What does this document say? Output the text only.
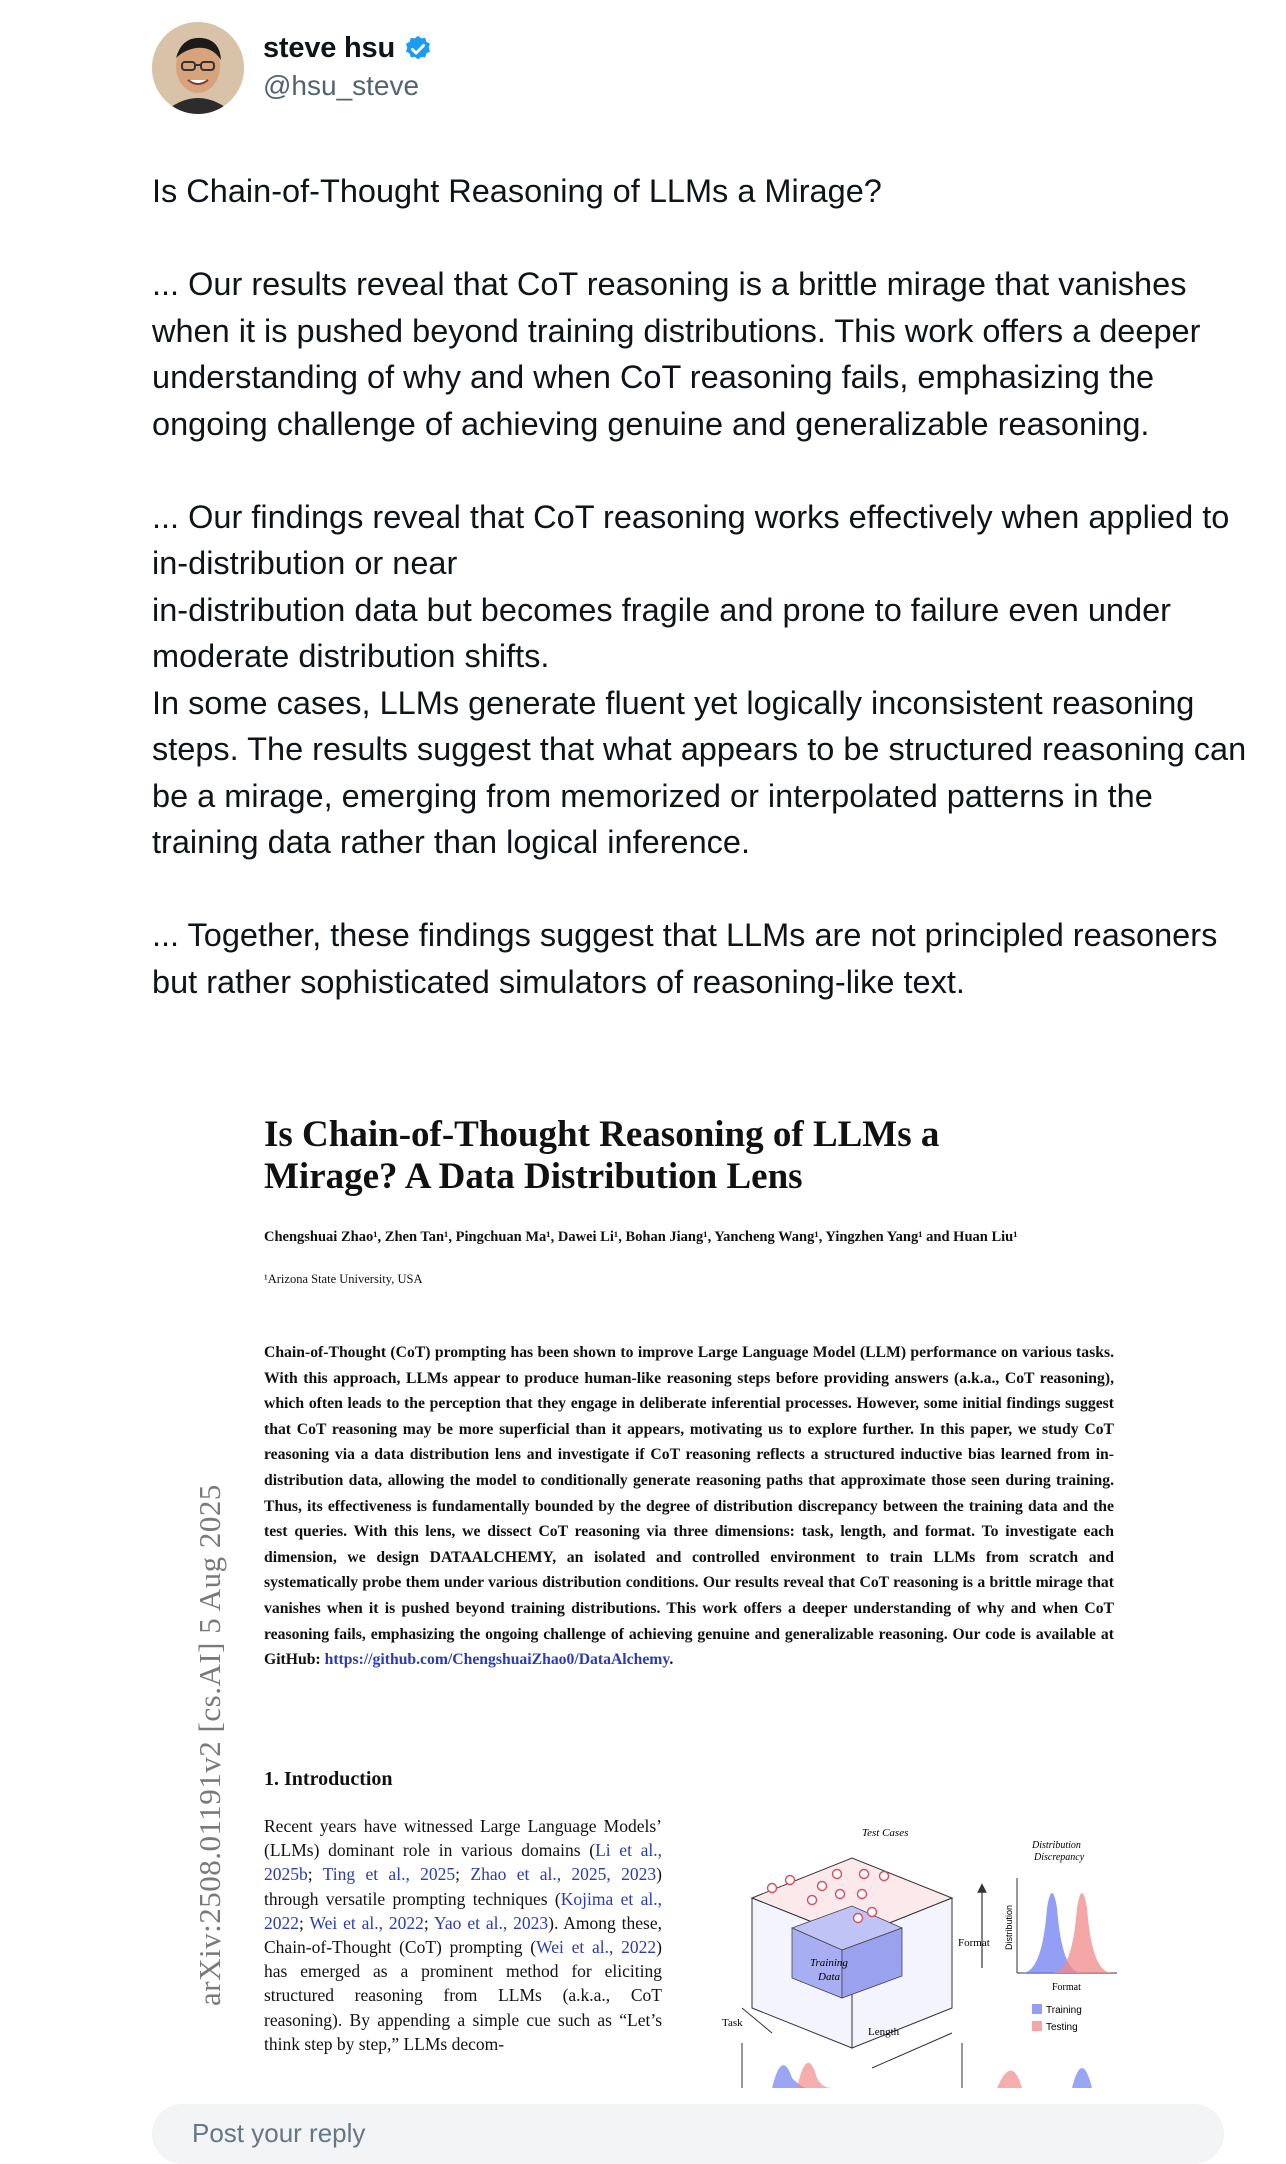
steve hsu
@hsu_steve

Is Chain-of-Thought Reasoning of LLMs a Mirage?

... Our results reveal that CoT reasoning is a brittle mirage that vanishes when it is pushed beyond training distributions. This work offers a deeper understanding of why and when CoT reasoning fails, emphasizing the ongoing challenge of achieving genuine and generalizable reasoning.

... Our findings reveal that CoT reasoning works effectively when applied to in-distribution or near

in-distribution data but becomes fragile and prone to failure even under moderate distribution shifts.

In some cases, LLMs generate fluent yet logically inconsistent reasoning steps. The results suggest that what appears to be structured reasoning can be a mirage, emerging from memorized or interpolated patterns in the training data rather than logical inference.

... Together, these findings suggest that LLMs are not principled reasoners but rather sophisticated simulators of reasoning-like text.

arXiv:2508.01191v2 [cs.AI] 5 Aug 2025
Is Chain-of-Thought Reasoning of LLMs a Mirage? A Data Distribution Lens
Chengshuai Zhao¹, Zhen Tan¹, Pingchuan Ma¹, Dawei Li¹, Bohan Jiang¹, Yancheng Wang¹, Yingzhen Yang¹ and Huan Liu¹
¹Arizona State University, USA
Chain-of-Thought (CoT) prompting has been shown to improve Large Language Model (LLM) performance on various tasks. With this approach, LLMs appear to produce human-like reasoning steps before providing answers (a.k.a., CoT reasoning), which often leads to the perception that they engage in deliberate inferential processes. However, some initial findings suggest that CoT reasoning may be more superficial than it appears, motivating us to explore further. In this paper, we study CoT reasoning via a data distribution lens and investigate if CoT reasoning reflects a structured inductive bias learned from in-distribution data, allowing the model to conditionally generate reasoning paths that approximate those seen during training. Thus, its effectiveness is fundamentally bounded by the degree of distribution discrepancy between the training data and the test queries. With this lens, we dissect CoT reasoning via three dimensions: task, length, and format. To investigate each dimension, we design DATAALCHEMY, an isolated and controlled environment to train LLMs from scratch and systematically probe them under various distribution conditions. Our results reveal that CoT reasoning is a brittle mirage that vanishes when it is pushed beyond training distributions. This work offers a deeper understanding of why and when CoT reasoning fails, emphasizing the ongoing challenge of achieving genuine and generalizable reasoning. Our code is available at GitHub: https://github.com/ChengshuaiZhao0/DataAlchemy.
1. Introduction
Recent years have witnessed Large Language Models’ (LLMs) dominant role in various domains (Li et al., 2025b; Ting et al., 2025; Zhao et al., 2025, 2023) through versatile prompting techniques (Kojima et al., 2022; Wei et al., 2022; Yao et al., 2023). Among these, Chain-of-Thought (CoT) prompting (Wei et al., 2022) has emerged as a prominent method for eliciting structured reasoning from LLMs (a.k.a., CoT reasoning). By appending a simple cue such as “Let’s think step by step,” LLMs decom-
Test Cases
Training
Data
Format
Task
Length
Distribution
Discrepancy
Distribution
Format
Training
Testing
Post your reply
